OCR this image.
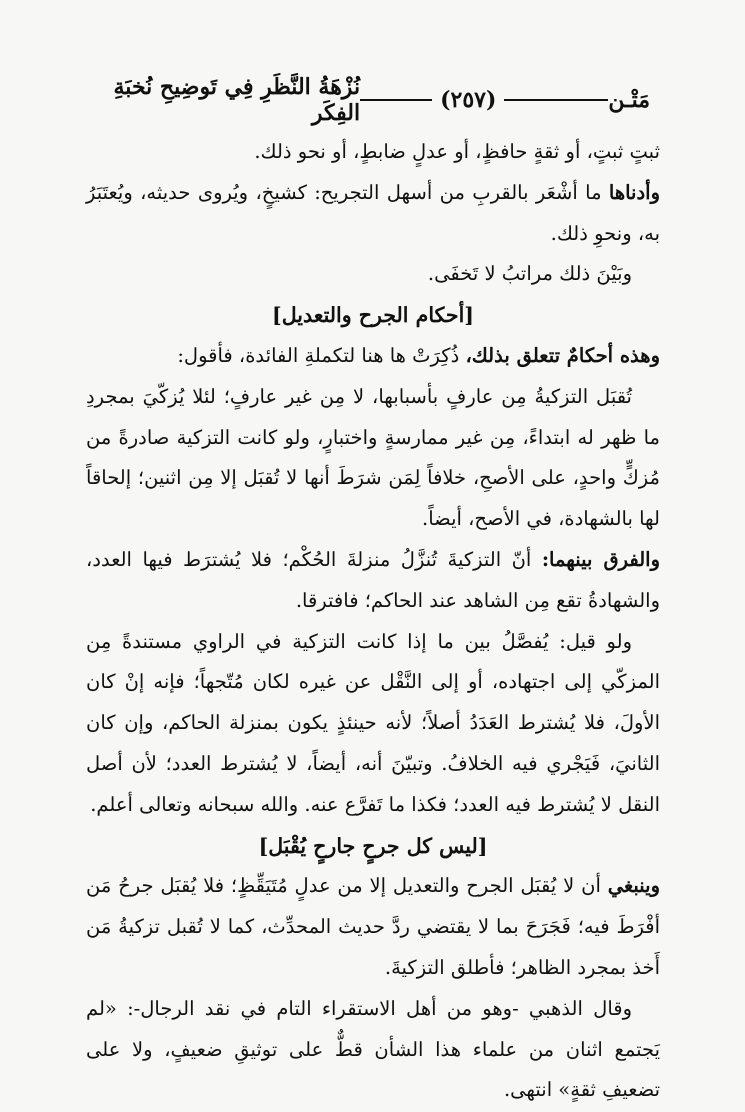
مَتْـن
(٢٥٧)
نُزْهَةُ النَّظَرِ فِي تَوضِيحِ نُخبَةِ الفِكَر

ثبتٍ ثبتٍ، أو ثقةٍ حافظٍ، أو عدلٍ ضابطٍ، أو نحو ذلك.

وأدناها ما أشْعَر بالقربِ من أسهل التجريح: كشيخٍ، ويُروى حديثه، ويُعتَبَرُ به، ونحوِ ذلك.

وبَيْنَ ذلك مراتبُ لا تَخفَى.

[أحكام الجرح والتعديل]

وهذه أحكامٌ تتعلق بذلك، ذُكِرَتْ ها هنا لتكملةِ الفائدة، فأقول:

تُقبَل التزكيةُ مِن عارفٍ بأسبابها، لا مِن غير عارفٍ؛ لئلا يُزكّيَ بمجردِ ما ظهر له ابتداءً، مِن غير ممارسةٍ واختبارٍ، ولو كانت التزكية صادرةً من مُزكٍّ واحدٍ، على الأصحِ، خلافاً لِمَن شرَطَ أنها لا تُقبَل إلا مِن اثنين؛ إلحاقاً لها بالشهادة، في الأصح، أيضاً.

والفرق بينهما: أنّ التزكيةَ تُنزَّلُ منزلةَ الحُكْم؛ فلا يُشترَط فيها العدد، والشهادةُ تقع مِن الشاهد عند الحاكم؛ فافترقا.

ولو قيل: يُفصَّلُ بين ما إذا كانت التزكية في الراوي مستندةً مِن المزكّي إلى اجتهاده، أو إلى النَّقْل عن غيره لكان مُتّجهاً؛ فإنه إنْ كان الأولَ، فلا يُشترط العَدَدُ أصلاً؛ لأنه حينئذٍ يكون بمنزلة الحاكم، وإن كان الثانيَ، فَيَجْري فيه الخلافُ. وتبيّنَ أنه، أيضاً، لا يُشترط العدد؛ لأن أصل النقل لا يُشترط فيه العدد؛ فكذا ما تَفرَّع عنه. والله سبحانه وتعالى أعلم.

[ليس كل جرحٍ جارحٍ يُقْبَل]

وينبغي أن لا يُقبَل الجرح والتعديل إلا من عدلٍ مُتَيَقِّظٍ؛ فلا يُقبَل جرحُ مَن أفْرَطَ فيه؛ فَجَرَحَ بما لا يقتضي ردَّ حديث المحدِّث، كما لا تُقبل تزكيةُ مَن أَخذ بمجرد الظاهر؛ فأطلق التزكيةَ.

وقال الذهبي -وهو من أهل الاستقراء التام في نقد الرجال-: «لم يَجتمع اثنان من علماء هذا الشأن قطٌّ على توثيقِ ضعيفٍ، ولا على تضعيفِ ثقةٍ» انتهى.
